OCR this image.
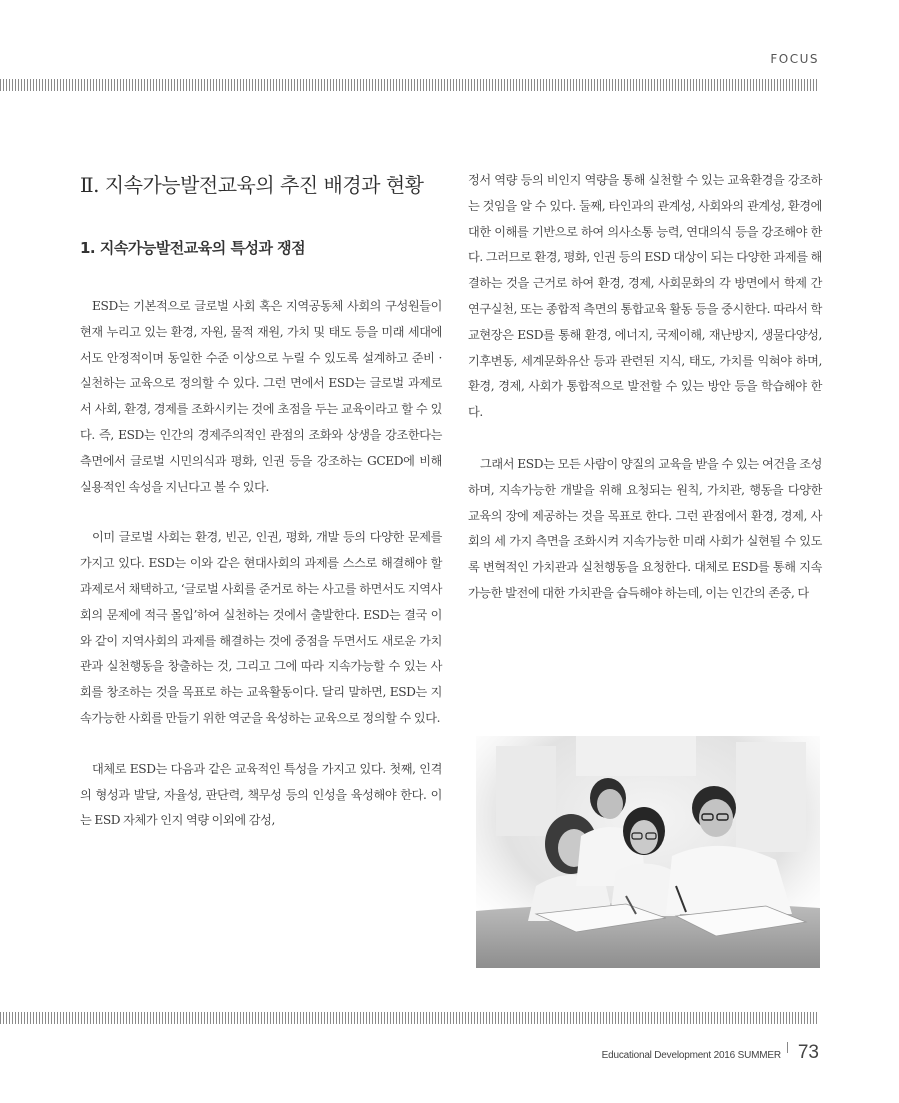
FOCUS
Ⅱ. 지속가능발전교육의 추진 배경과 현황
1. 지속가능발전교육의 특성과 쟁점

ESD는 기본적으로 글로벌 사회 혹은 지역공동체 사회의 구성원들이 현재 누리고 있는 환경, 자원, 물적 재원, 가치 및 태도 등을 미래 세대에서도 안정적이며 동일한 수준 이상으로 누릴 수 있도록 설계하고 준비 · 실천하는 교육으로 정의할 수 있다. 그런 면에서 ESD는 글로벌 과제로서 사회, 환경, 경제를 조화시키는 것에 초점을 두는 교육이라고 할 수 있다. 즉, ESD는 인간의 경제주의적인 관점의 조화와 상생을 강조한다는 측면에서 글로벌 시민의식과 평화, 인권 등을 강조하는 GCED에 비해 실용적인 속성을 지닌다고 볼 수 있다.

이미 글로벌 사회는 환경, 빈곤, 인권, 평화, 개발 등의 다양한 문제를 가지고 있다. ESD는 이와 같은 현대사회의 과제를 스스로 해결해야 할 과제로서 채택하고, ‘글로벌 사회를 준거로 하는 사고를 하면서도 지역사회의 문제에 적극 몰입’하여 실천하는 것에서 출발한다. ESD는 결국 이와 같이 지역사회의 과제를 해결하는 것에 중점을 두면서도 새로운 가치관과 실천행동을 창출하는 것, 그리고 그에 따라 지속가능할 수 있는 사회를 창조하는 것을 목표로 하는 교육활동이다. 달리 말하면, ESD는 지속가능한 사회를 만들기 위한 역군을 육성하는 교육으로 정의할 수 있다.

대체로 ESD는 다음과 같은 교육적인 특성을 가지고 있다. 첫째, 인격의 형성과 발달, 자율성, 판단력, 책무성 등의 인성을 육성해야 한다. 이는 ESD 자체가 인지 역량 이외에 감성,

정서 역량 등의 비인지 역량을 통해 실천할 수 있는 교육환경을 강조하는 것임을 알 수 있다. 둘째, 타인과의 관계성, 사회와의 관계성, 환경에 대한 이해를 기반으로 하여 의사소통 능력, 연대의식 등을 강조해야 한다. 그러므로 환경, 평화, 인권 등의 ESD 대상이 되는 다양한 과제를 해결하는 것을 근거로 하여 환경, 경제, 사회문화의 각 방면에서 학제 간 연구실천, 또는 종합적 측면의 통합교육 활동 등을 중시한다. 따라서 학교현장은 ESD를 통해 환경, 에너지, 국제이해, 재난방지, 생물다양성, 기후변동, 세계문화유산 등과 관련된 지식, 태도, 가치를 익혀야 하며, 환경, 경제, 사회가 통합적으로 발전할 수 있는 방안 등을 학습해야 한다.

그래서 ESD는 모든 사람이 양질의 교육을 받을 수 있는 여건을 조성하며, 지속가능한 개발을 위해 요청되는 원칙, 가치관, 행동을 다양한 교육의 장에 제공하는 것을 목표로 한다. 그런 관점에서 환경, 경제, 사회의 세 가지 측면을 조화시켜 지속가능한 미래 사회가 실현될 수 있도록 변혁적인 가치관과 실천행동을 요청한다. 대체로 ESD를 통해 지속가능한 발전에 대한 가치관을 습득해야 하는데, 이는 인간의 존중, 다

Educational Development 2016 SUMMER 73
